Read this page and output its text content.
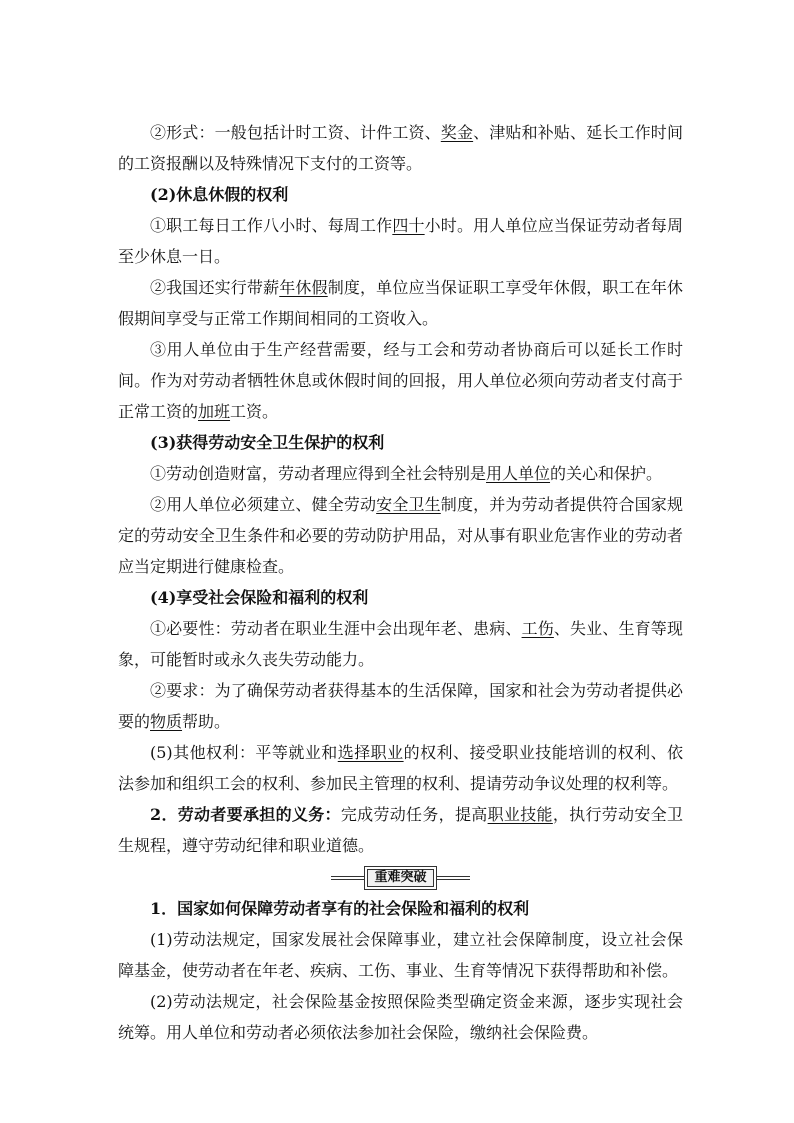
②形式：一般包括计时工资、计件工资、奖金、津贴和补贴、延长工作时间的工资报酬以及特殊情况下支付的工资等。

(2)休息休假的权利

①职工每日工作八小时、每周工作四十小时。用人单位应当保证劳动者每周至少休息一日。

②我国还实行带薪年休假制度，单位应当保证职工享受年休假，职工在年休假期间享受与正常工作期间相同的工资收入。

③用人单位由于生产经营需要，经与工会和劳动者协商后可以延长工作时间。作为对劳动者牺牲休息或休假时间的回报，用人单位必须向劳动者支付高于正常工资的加班工资。

(3)获得劳动安全卫生保护的权利

①劳动创造财富，劳动者理应得到全社会特别是用人单位的关心和保护。

②用人单位必须建立、健全劳动安全卫生制度，并为劳动者提供符合国家规定的劳动安全卫生条件和必要的劳动防护用品，对从事有职业危害作业的劳动者应当定期进行健康检查。

(4)享受社会保险和福利的权利

①必要性：劳动者在职业生涯中会出现年老、患病、工伤、失业、生育等现象，可能暂时或永久丧失劳动能力。

②要求：为了确保劳动者获得基本的生活保障，国家和社会为劳动者提供必要的物质帮助。

(5)其他权利：平等就业和选择职业的权利、接受职业技能培训的权利、依法参加和组织工会的权利、参加民主管理的权利、提请劳动争议处理的权利等。

2．劳动者要承担的义务：完成劳动任务，提高职业技能，执行劳动安全卫生规程，遵守劳动纪律和职业道德。

重难突破

1．国家如何保障劳动者享有的社会保险和福利的权利

(1)劳动法规定，国家发展社会保障事业，建立社会保障制度，设立社会保障基金，使劳动者在年老、疾病、工伤、事业、生育等情况下获得帮助和补偿。

(2)劳动法规定，社会保险基金按照保险类型确定资金来源，逐步实现社会统筹。用人单位和劳动者必须依法参加社会保险，缴纳社会保险费。
